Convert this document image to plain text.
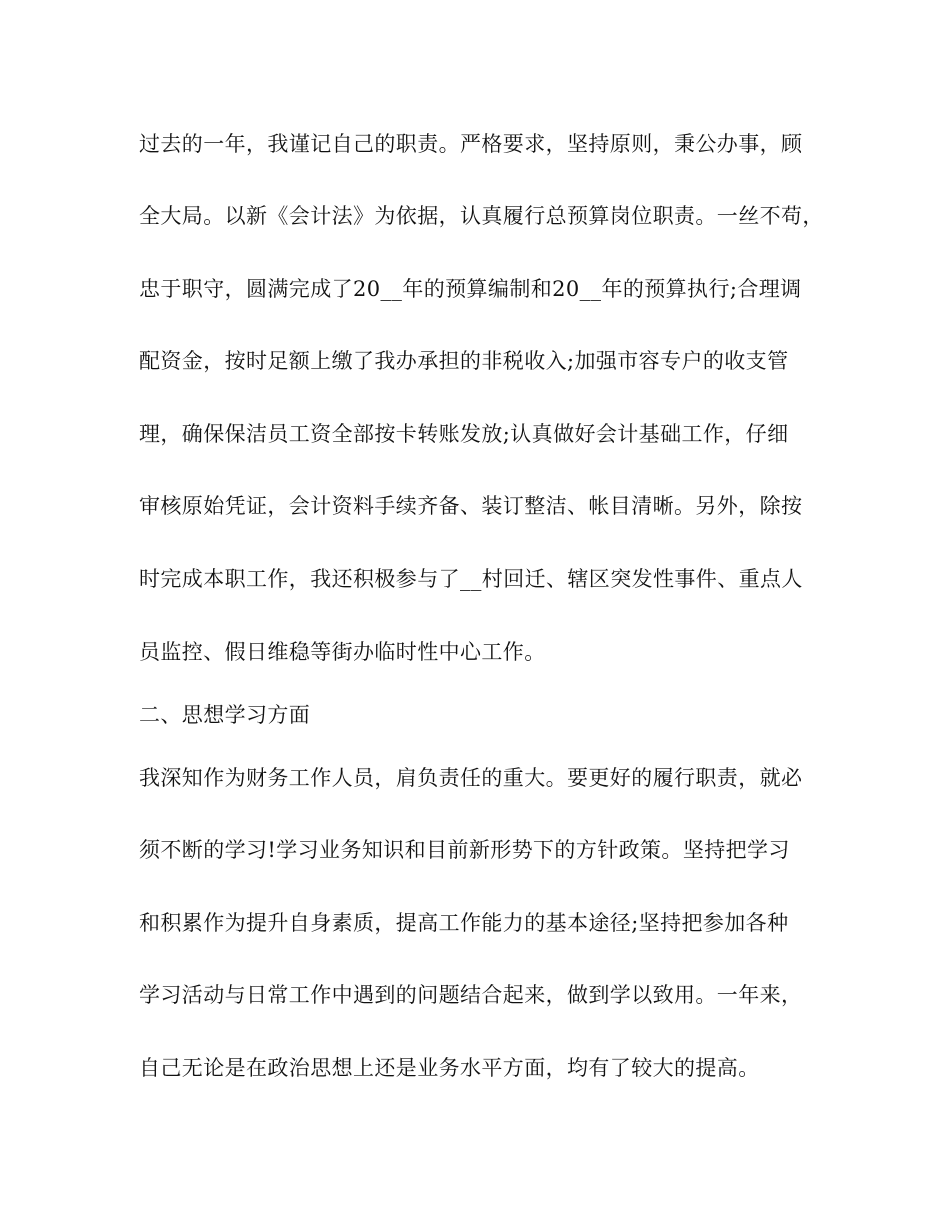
过去的一年，我谨记自己的职责。严格要求，坚持原则，秉公办事，顾

全大局。以新《会计法》为依据，认真履行总预算岗位职责。一丝不苟，

忠于职守，圆满完成了20__年的预算编制和20__年的预算执行;合理调

配资金，按时足额上缴了我办承担的非税收入;加强市容专户的收支管

理，确保保洁员工资全部按卡转账发放;认真做好会计基础工作，仔细

审核原始凭证，会计资料手续齐备、装订整洁、帐目清晰。另外，除按

时完成本职工作，我还积极参与了__村回迁、辖区突发性事件、重点人

员监控、假日维稳等街办临时性中心工作。

二、思想学习方面

我深知作为财务工作人员，肩负责任的重大。要更好的履行职责，就必

须不断的学习!学习业务知识和目前新形势下的方针政策。坚持把学习

和积累作为提升自身素质，提高工作能力的基本途径;坚持把参加各种

学习活动与日常工作中遇到的问题结合起来，做到学以致用。一年来，

自己无论是在政治思想上还是业务水平方面，均有了较大的提高。
